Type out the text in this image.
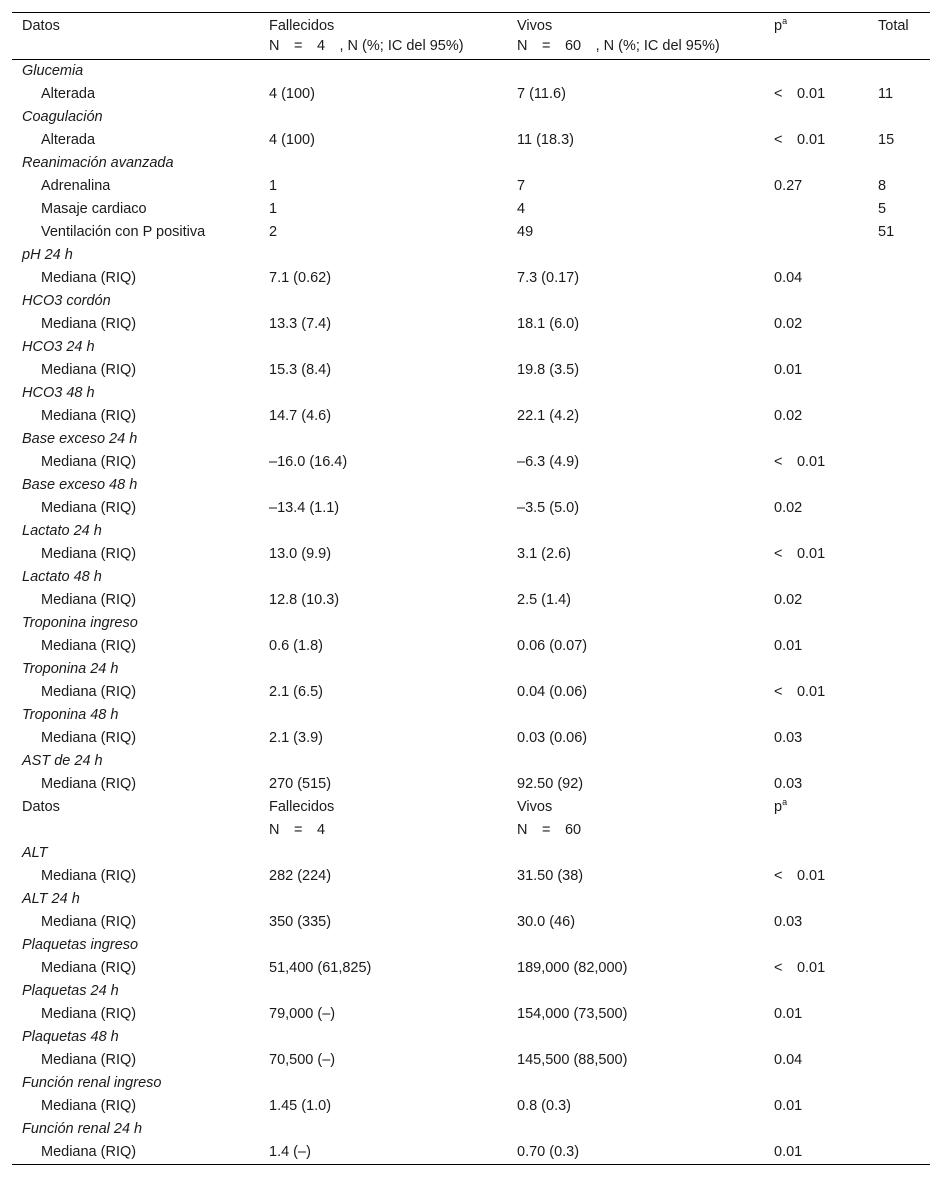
Datos	Fallecidos	Vivos	$p^a$	Total
	N = 4 , N (%; IC del 95%)	N = 60 , N (%; IC del 95%)		
Glucemia				
Alterada	4 (100)	7 (11.6)	< 0.01	11
Coagulación				
Alterada	4 (100)	11 (18.3)	< 0.01	15
Reanimación avanzada				
Adrenalina	1	7	0.27	8
Masaje cardiaco	1	4		5
Ventilación con P positiva	2	49		51
pH 24 h				
Mediana (RIQ)	7.1 (0.62)	7.3 (0.17)	0.04	
HCO3 cordón				
Mediana (RIQ)	13.3 (7.4)	18.1 (6.0)	0.02	
HCO3 24 h				
Mediana (RIQ)	15.3 (8.4)	19.8 (3.5)	0.01	
HCO3 48 h				
Mediana (RIQ)	14.7 (4.6)	22.1 (4.2)	0.02	
Base exceso 24 h				
Mediana (RIQ)	–16.0 (16.4)	–6.3 (4.9)	< 0.01	
Base exceso 48 h				
Mediana (RIQ)	–13.4 (1.1)	–3.5 (5.0)	0.02	
Lactato 24 h				
Mediana (RIQ)	13.0 (9.9)	3.1 (2.6)	< 0.01	
Lactato 48 h				
Mediana (RIQ)	12.8 (10.3)	2.5 (1.4)	0.02	
Troponina ingreso				
Mediana (RIQ)	0.6 (1.8)	0.06 (0.07)	0.01	
Troponina 24 h				
Mediana (RIQ)	2.1 (6.5)	0.04 (0.06)	< 0.01	
Troponina 48 h				
Mediana (RIQ)	2.1 (3.9)	0.03 (0.06)	0.03	
AST de 24 h				
Mediana (RIQ)	270 (515)	92.50 (92)	0.03	
Datos	Fallecidos	Vivos	$p^a$	
	N = 4	N = 60		
ALT				
Mediana (RIQ)	282 (224)	31.50 (38)	< 0.01	
ALT 24 h				
Mediana (RIQ)	350 (335)	30.0 (46)	0.03	
Plaquetas ingreso				
Mediana (RIQ)	51,400 (61,825)	189,000 (82,000)	< 0.01	
Plaquetas 24 h				
Mediana (RIQ)	79,000 (–)	154,000 (73,500)	0.01	
Plaquetas 48 h				
Mediana (RIQ)	70,500 (–)	145,500 (88,500)	0.04	
Función renal ingreso				
Mediana (RIQ)	1.45 (1.0)	0.8 (0.3)	0.01	
Función renal 24 h				
Mediana (RIQ)	1.4 (–)	0.70 (0.3)	0.01	
